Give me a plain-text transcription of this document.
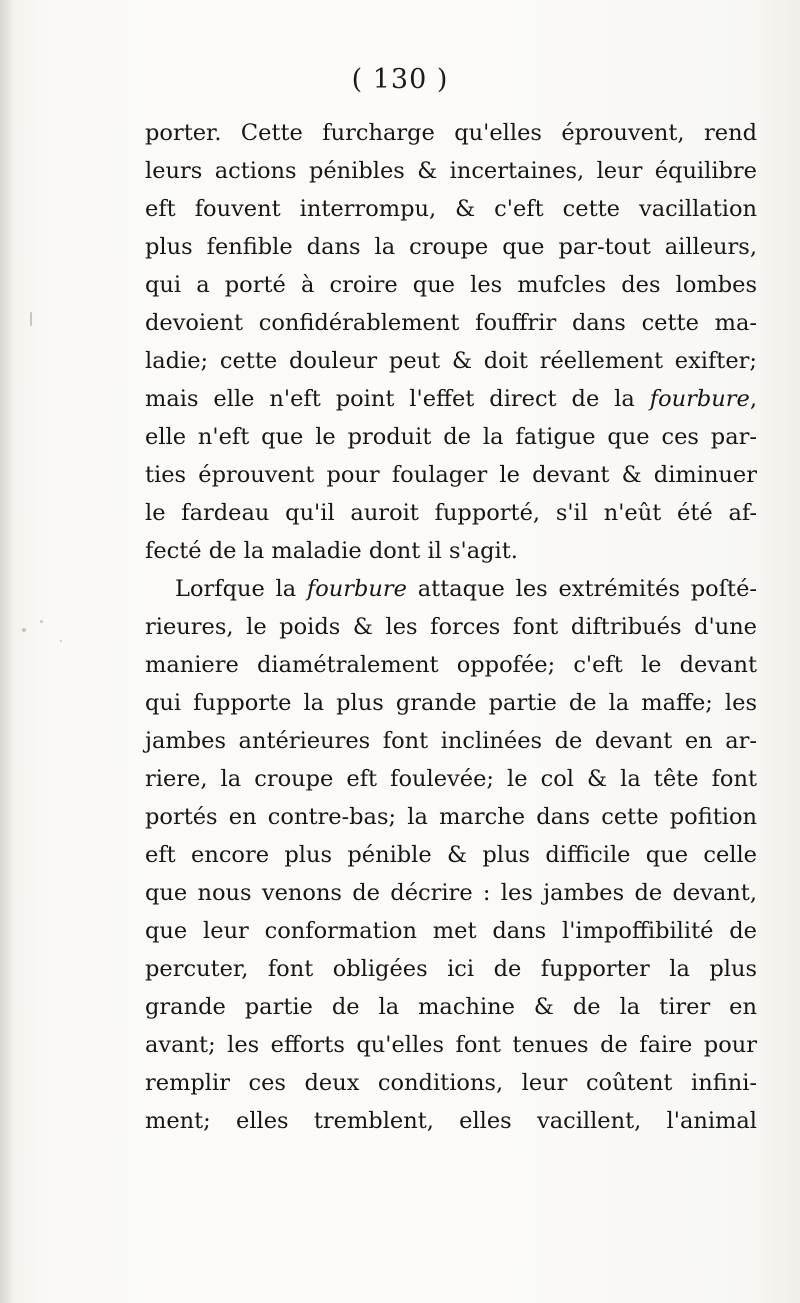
( 130 )

porter. Cette furcharge qu'elles éprouvent, rend
leurs actions pénibles & incertaines, leur équilibre
eft fouvent interrompu, & c'eft cette vacillation
plus fenfible dans la croupe que par-tout ailleurs,
qui a porté à croire que les mufcles des lombes
devoient confidérablement fouffrir dans cette ma-
ladie; cette douleur peut & doit réellement exifter;
mais elle n'eft point l'effet direct de la fourbure,
elle n'eft que le produit de la fatigue que ces par-
ties éprouvent pour foulager le devant & diminuer
le fardeau qu'il auroit fupporté, s'il n'eût été af-
fecté de la maladie dont il s'agit.

Lorfque la fourbure attaque les extrémités poſté-
rieures, le poids & les forces font diftribués d'une
maniere diamétralement oppofée; c'eft le devant
qui fupporte la plus grande partie de la maffe; les
jambes antérieures font inclinées de devant en ar-
riere, la croupe eft foulevée; le col & la tête font
portés en contre-bas; la marche dans cette pofition
eft encore plus pénible & plus difficile que celle
que nous venons de décrire : les jambes de devant,
que leur conformation met dans l'impoffibilité de
percuter, font obligées ici de fupporter la plus
grande partie de la machine & de la tirer en
avant; les efforts qu'elles font tenues de faire pour
remplir ces deux conditions, leur coûtent infini-
ment; elles tremblent, elles vacillent, l'animal
